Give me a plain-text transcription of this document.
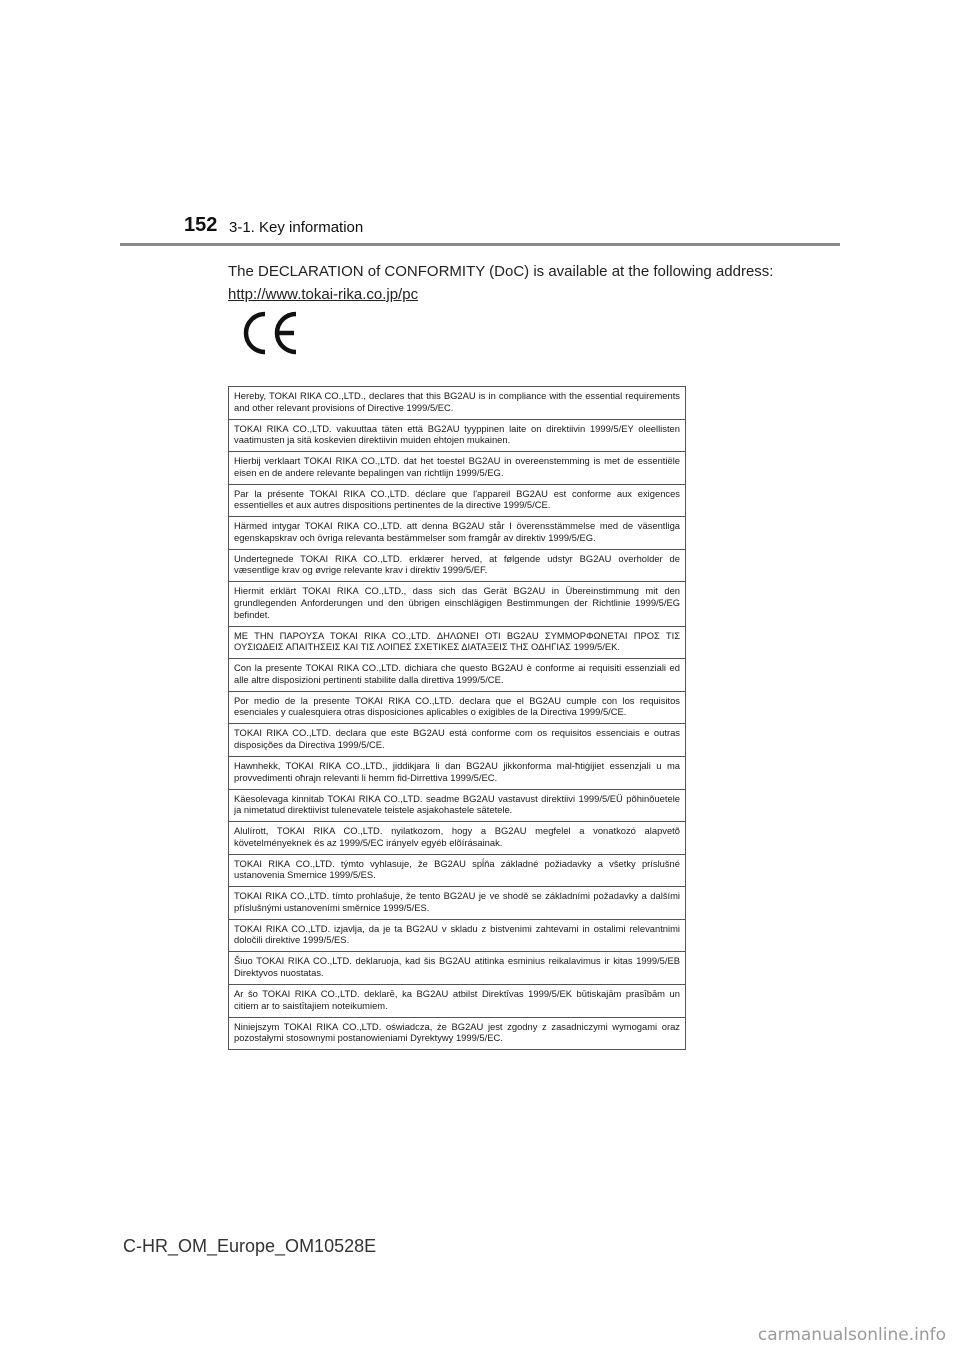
152 3-1. Key information
The DECLARATION of CONFORMITY (DoC) is available at the following address:
http://www.tokai-rika.co.jp/pc
Hereby, TOKAI RIKA CO.,LTD., declares that this BG2AU is in compliance with the essential requirements and other relevant provisions of Directive 1999/5/EC.
TOKAI RIKA CO.,LTD. vakuuttaa täten että BG2AU tyyppinen laite on direktiivin 1999/5/EY oleellisten vaatimusten ja sitä koskevien direktiivin muiden ehtojen mukainen.
Hierbij verklaart TOKAI RIKA CO.,LTD. dat het toestel BG2AU in overeenstemming is met de essentiële eisen en de andere relevante bepalingen van richtlijn 1999/5/EG.
Par la présente TOKAI RIKA CO.,LTD. déclare que l'appareil BG2AU est conforme aux exigences essentielles et aux autres dispositions pertinentes de la directive 1999/5/CE.
Härmed intygar TOKAI RIKA CO.,LTD. att denna BG2AU står I överensstämmelse med de väsentliga egenskapskrav och övriga relevanta bestämmelser som framgår av direktiv 1999/5/EG.
Undertegnede TOKAI RIKA CO.,LTD. erklærer herved, at følgende udstyr BG2AU overholder de væsentlige krav og øvrige relevante krav i direktiv 1999/5/EF.
Hiermit erklärt TOKAI RIKA CO.,LTD., dass sich das Gerät BG2AU in Übereinstimmung mit den grundlegenden Anforderungen und den übrigen einschlägigen Bestimmungen der Richtlinie 1999/5/EG befindet.
ΜΕ ΤΗΝ ΠΑΡΟΥΣΑ TOKAI RIKA CO.,LTD. ΔΗΛΩΝΕΙ ΟΤΙ BG2AU ΣΥΜΜΟΡΦΩΝΕΤΑΙ ΠΡΟΣ ΤΙΣ ΟΥΣΙΩΔΕΙΣ ΑΠΑΙΤΗΣΕΙΣ ΚΑΙ ΤΙΣ ΛΟΙΠΕΣ ΣΧΕΤΙΚΕΣ ΔΙΑΤΑΞΕΙΣ ΤΗΣ ΟΔΗΓΙΑΣ 1999/5/ΕΚ.
Con la presente TOKAI RIKA CO.,LTD. dichiara che questo BG2AU è conforme ai requisiti essenziali ed alle altre disposizioni pertinenti stabilite dalla direttiva 1999/5/CE.
Por medio de la presente TOKAI RIKA CO.,LTD. declara que el BG2AU cumple con los requisitos esenciales y cualesquiera otras disposiciones aplicables o exigibles de la Directiva 1999/5/CE.
TOKAI RIKA CO.,LTD. declara que este BG2AU está conforme com os requisitos essenciais e outras disposições da Directiva 1999/5/CE.
Hawnhekk, TOKAI RIKA CO.,LTD., jiddikjara li dan BG2AU jikkonforma mal-ħtiġijiet essenzjali u ma provvedimenti oħrajn relevanti li hemm fid-Dirrettiva 1999/5/EC.
Käesolevaga kinnitab TOKAI RIKA CO.,LTD. seadme BG2AU vastavust direktiivi 1999/5/EÜ põhinõuetele ja nimetatud direktiivist tulenevatele teistele asjakohastele sätetele.
Alulírott, TOKAI RIKA CO.,LTD. nyilatkozom, hogy a BG2AU megfelel a vonatkozó alapvetõ követelményeknek és az 1999/5/EC irányelv egyéb elõírásainak.
TOKAI RIKA CO.,LTD. týmto vyhlasuje, že BG2AU spĺňa základné požiadavky a všetky príslušné ustanovenia Smernice 1999/5/ES.
TOKAI RIKA CO.,LTD. tímto prohlašuje, že tento BG2AU je ve shodě se základními požadavky a dalšími příslušnými ustanoveními směrnice 1999/5/ES.
TOKAI RIKA CO.,LTD. izjavlja, da je ta BG2AU v skladu z bistvenimi zahtevami in ostalimi relevantnimi določili direktive 1999/5/ES.
Šiuo TOKAI RIKA CO.,LTD. deklaruoja, kad šis BG2AU atitinka esminius reikalavimus ir kitas 1999/5/EB Direktyvos nuostatas.
Ar šo TOKAI RIKA CO.,LTD. deklarē, ka BG2AU atbilst Direktīvas 1999/5/EK būtiskajām prasībām un citiem ar to saistītajiem noteikumiem.
Niniejszym TOKAI RIKA CO.,LTD. oświadcza, że BG2AU jest zgodny z zasadniczymi wymogami oraz pozostałymi stosownymi postanowieniami Dyrektywy 1999/5/EC.
C-HR_OM_Europe_OM10528E
carmanualsonline.info
